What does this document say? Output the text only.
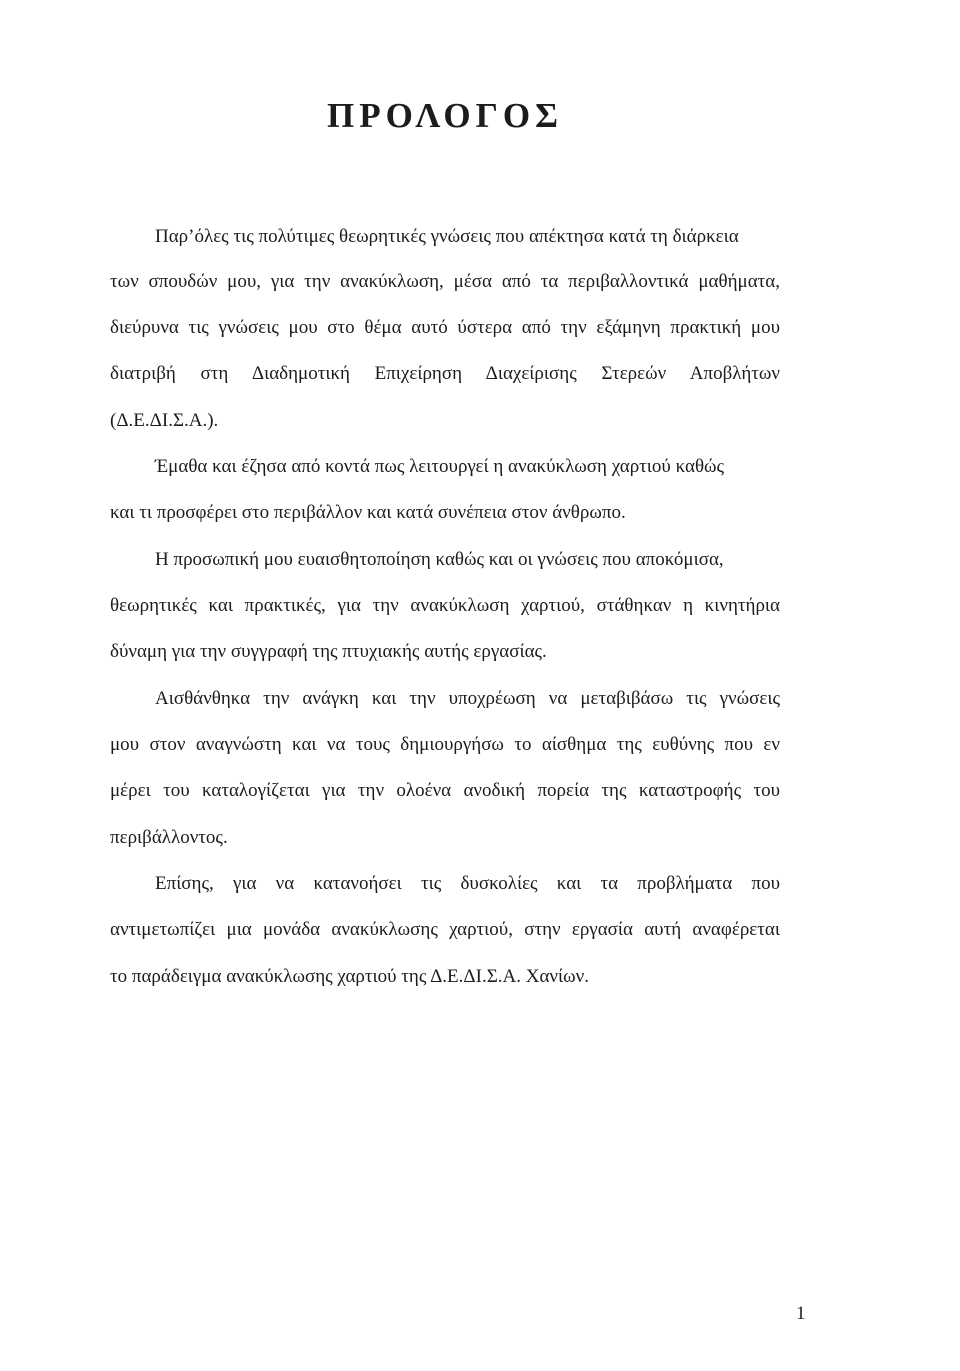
ΠΡΟΛΟΓΟΣ

Παρ’όλες τις πολύτιμες θεωρητικές γνώσεις που απέκτησα κατά τη διάρκεια

των σπουδών μου, για την ανακύκλωση, μέσα από τα περιβαλλοντικά μαθήματα,

διεύρυνα τις γνώσεις μου στο θέμα αυτό ύστερα από την εξάμηνη πρακτική μου

διατριβή στη Διαδημοτική Επιχείρηση Διαχείρισης Στερεών Αποβλήτων

(Δ.Ε.ΔΙ.Σ.Α.).

Έμαθα και έζησα από κοντά πως λειτουργεί η ανακύκλωση χαρτιού καθώς

και τι προσφέρει στο περιβάλλον και κατά συνέπεια στον άνθρωπο.

Η προσωπική μου ευαισθητοποίηση καθώς και οι γνώσεις που αποκόμισα,

θεωρητικές και πρακτικές, για την ανακύκλωση χαρτιού, στάθηκαν η κινητήρια

δύναμη για την συγγραφή της πτυχιακής αυτής εργασίας.

Αισθάνθηκα την ανάγκη και την υποχρέωση να μεταβιβάσω τις γνώσεις

μου στον αναγνώστη και να τους δημιουργήσω το αίσθημα της ευθύνης που εν

μέρει του καταλογίζεται για την ολοένα ανοδική πορεία της καταστροφής του

περιβάλλοντος.

Επίσης, για να κατανοήσει τις δυσκολίες και τα προβλήματα που

αντιμετωπίζει μια μονάδα ανακύκλωσης χαρτιού, στην εργασία αυτή αναφέρεται

το παράδειγμα ανακύκλωσης χαρτιού της Δ.Ε.ΔΙ.Σ.Α. Χανίων.

1
